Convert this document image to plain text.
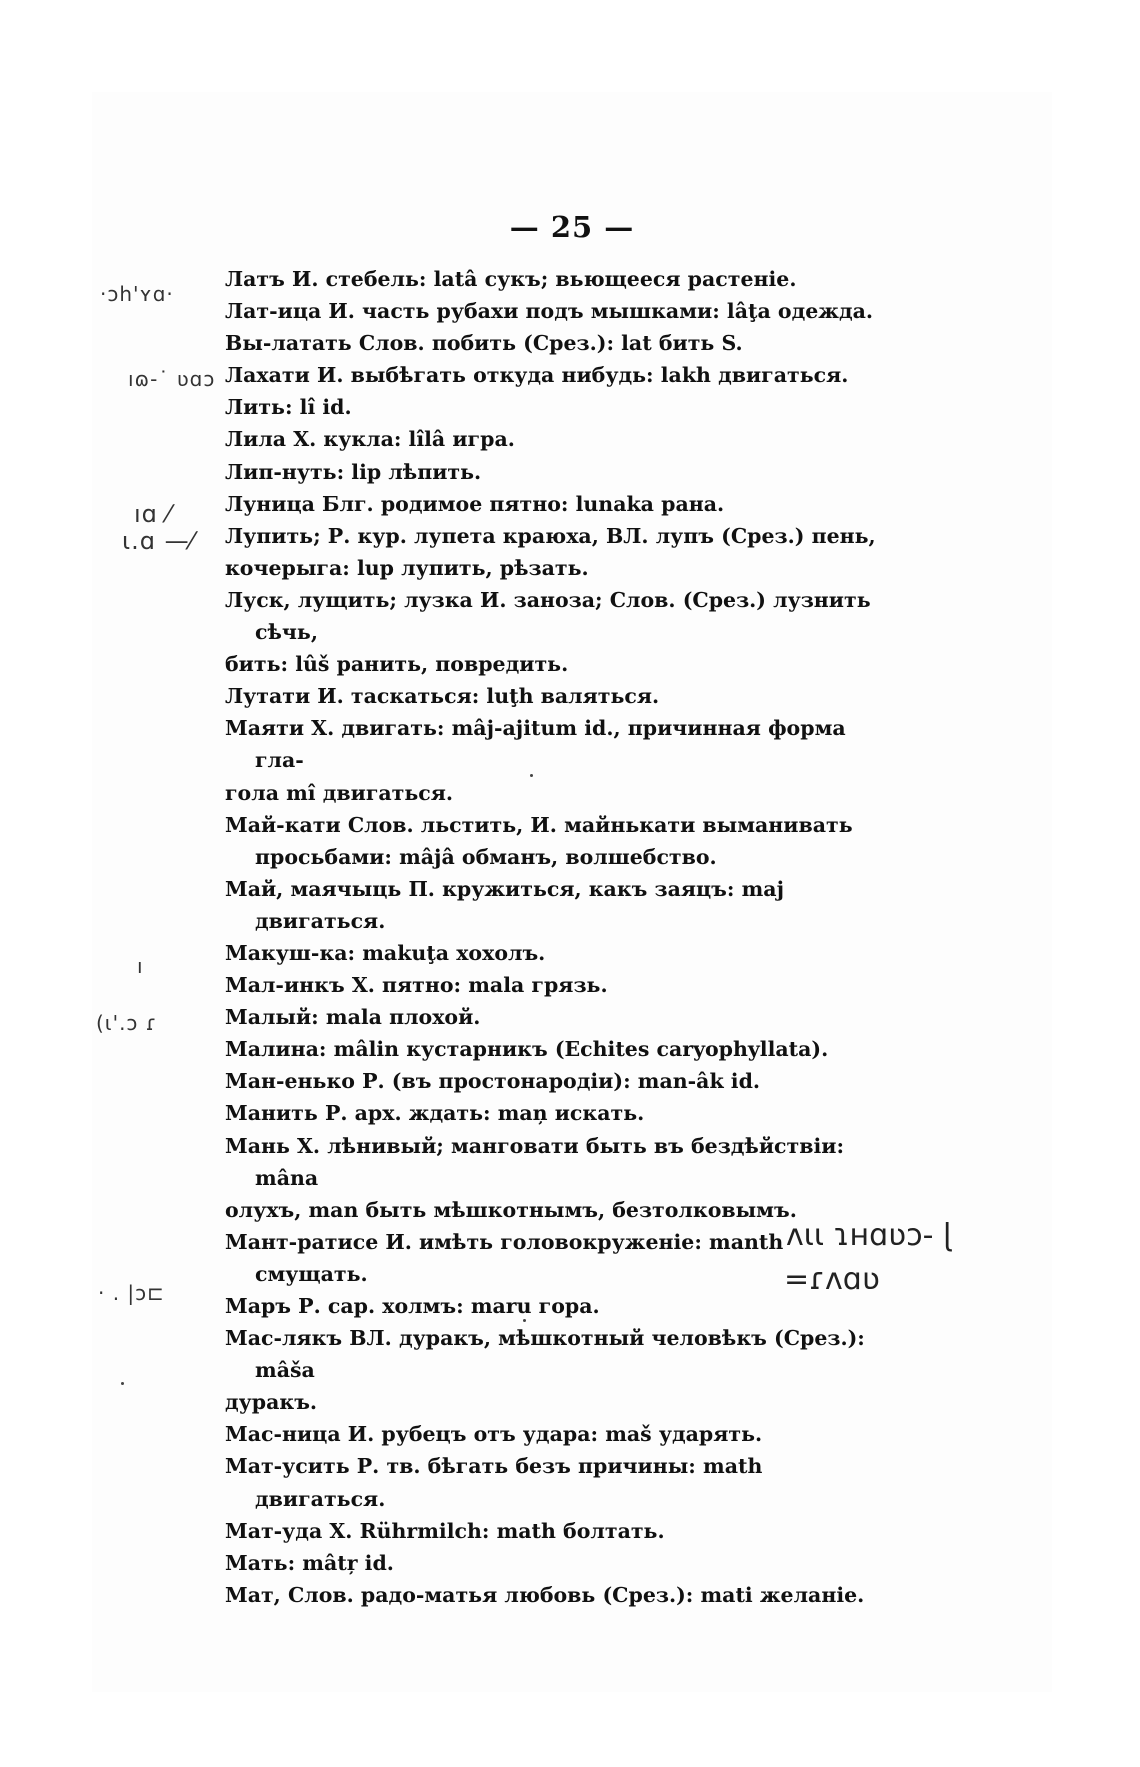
— 25 —

Латъ И. стебель: latâ сукъ; вьющееся растеніе.

Лат-ица И. часть рубахи подъ мышками: lâţa одежда.

Вы-латать Слов. побить (Срез.): lat бить S.

Лахати И. выбѣгать откуда нибудь: lakh двигаться.

Лить: lî id.

Лила Х. кукла: lîlâ игра.

Лип-нуть: lip лѣпить.

Луница Блг. родимое пятно: lunaka рана.

Лупить; Р. кур. лупета краюха, ВЛ. лупъ (Срез.) пень,
кочерыга: lup лупить, рѣзать.

Луск, лущить; лузка И. заноза; Слов. (Срез.) лузнить сѣчь,
бить: lûš ранить, повредить.

Лутати И. таскаться: luţh валяться.

Маяти Х. двигать: mâj-ajitum id., причинная форма гла-
гола mî двигаться.

Май-кати Слов. льстить, И. майнькати выманивать просьбами: mâjâ обманъ, волшебство.

Май, маячыць П. кружиться, какъ заяцъ: maj двигаться.

Макуш-ка: makuţa хохолъ.

Мал-инкъ Х. пятно: mala грязь.

Малый: mala плохой.

Малина: mâlin кустарникъ (Echites caryophyllata).

Ман-енько Р. (въ простонародіи): man-âk id.

Манить Р. арх. ждать: maņ искать.

Мань Х. лѣнивый; манговати быть въ бездѣйствіи: mâna
олухъ, man быть мѣшкотнымъ, бeзтолковымъ.

Мант-ратисе И. имѣть головокруженіе: manth смущать.

Маръ Р. сар. холмъ: maru гора.

Мас-лякъ ВЛ. дуракъ, мѣшкотный человѣкъ (Срез.): mâša
дуракъ.

Мас-ница И. рубецъ отъ удара: maš ударять.

Мат-усить Р. тв. бѣгать безъ причины: math двигаться.

Мат-уда Х. Rührmilch: math болтать.

Мать: mâtŗ id.

Мат, Слов. радо-матья любовь (Срез.): mati желаніе.

·ɔh'ʏɑ·
ıɷ-˙ ʋɑɔ
ıɑ ⁄
ɩ.ɑ —⁄
ı
(ɩ'.ɔ ɾ
· . |ɔ⊏
ʌɩɩ ɿʜɑʋɔ- ɭ
=ɾʌɑʋ
